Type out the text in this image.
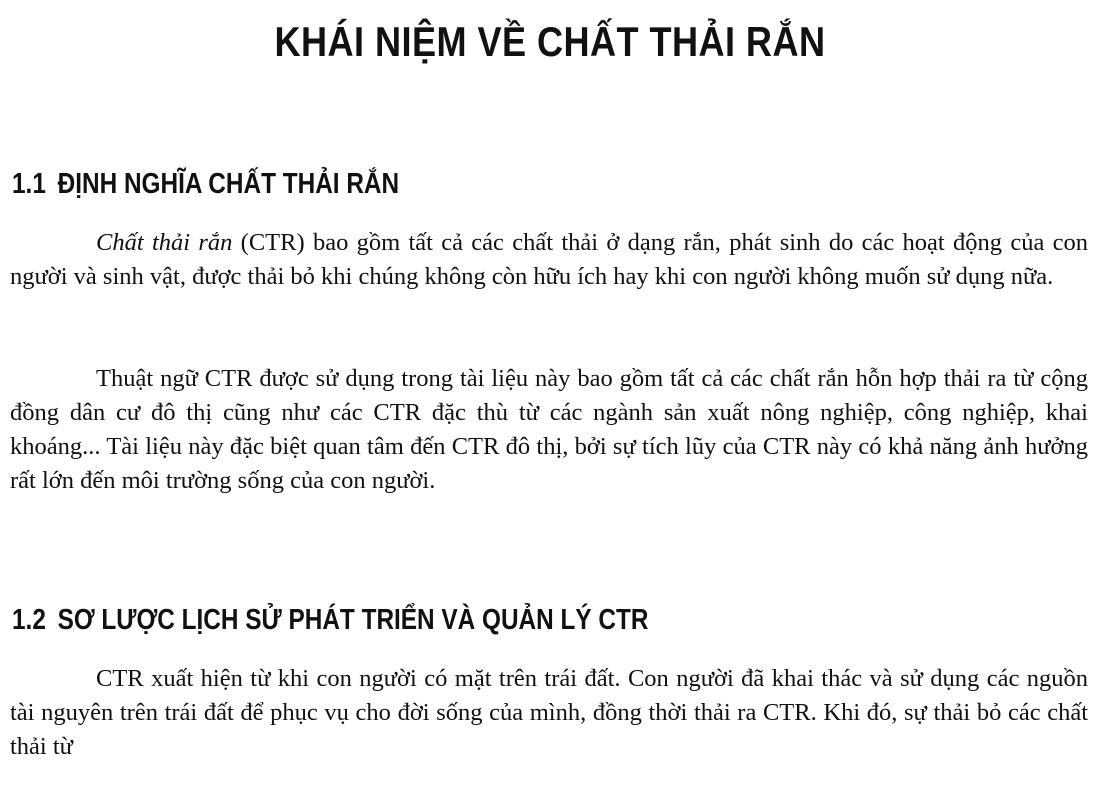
KHÁI NIỆM VỀ CHẤT THẢI RẮN
1.1 ĐỊNH NGHĨA CHẤT THẢI RẮN

Chất thải rắn (CTR) bao gồm tất cả các chất thải ở dạng rắn, phát sinh do các hoạt động của con người và sinh vật, được thải bỏ khi chúng không còn hữu ích hay khi con người không muốn sử dụng nữa.

Thuật ngữ CTR được sử dụng trong tài liệu này bao gồm tất cả các chất rắn hỗn hợp thải ra từ cộng đồng dân cư đô thị cũng như các CTR đặc thù từ các ngành sản xuất nông nghiệp, công nghiệp, khai khoáng... Tài liệu này đặc biệt quan tâm đến CTR đô thị, bởi sự tích lũy của CTR này có khả năng ảnh hưởng rất lớn đến môi trường sống của con người.

1.2 SƠ LƯỢC LỊCH SỬ PHÁT TRIỂN VÀ QUẢN LÝ CTR

CTR xuất hiện từ khi con người có mặt trên trái đất. Con người đã khai thác và sử dụng các nguồn tài nguyên trên trái đất để phục vụ cho đời sống của mình, đồng thời thải ra CTR. Khi đó, sự thải bỏ các chất thải từ
